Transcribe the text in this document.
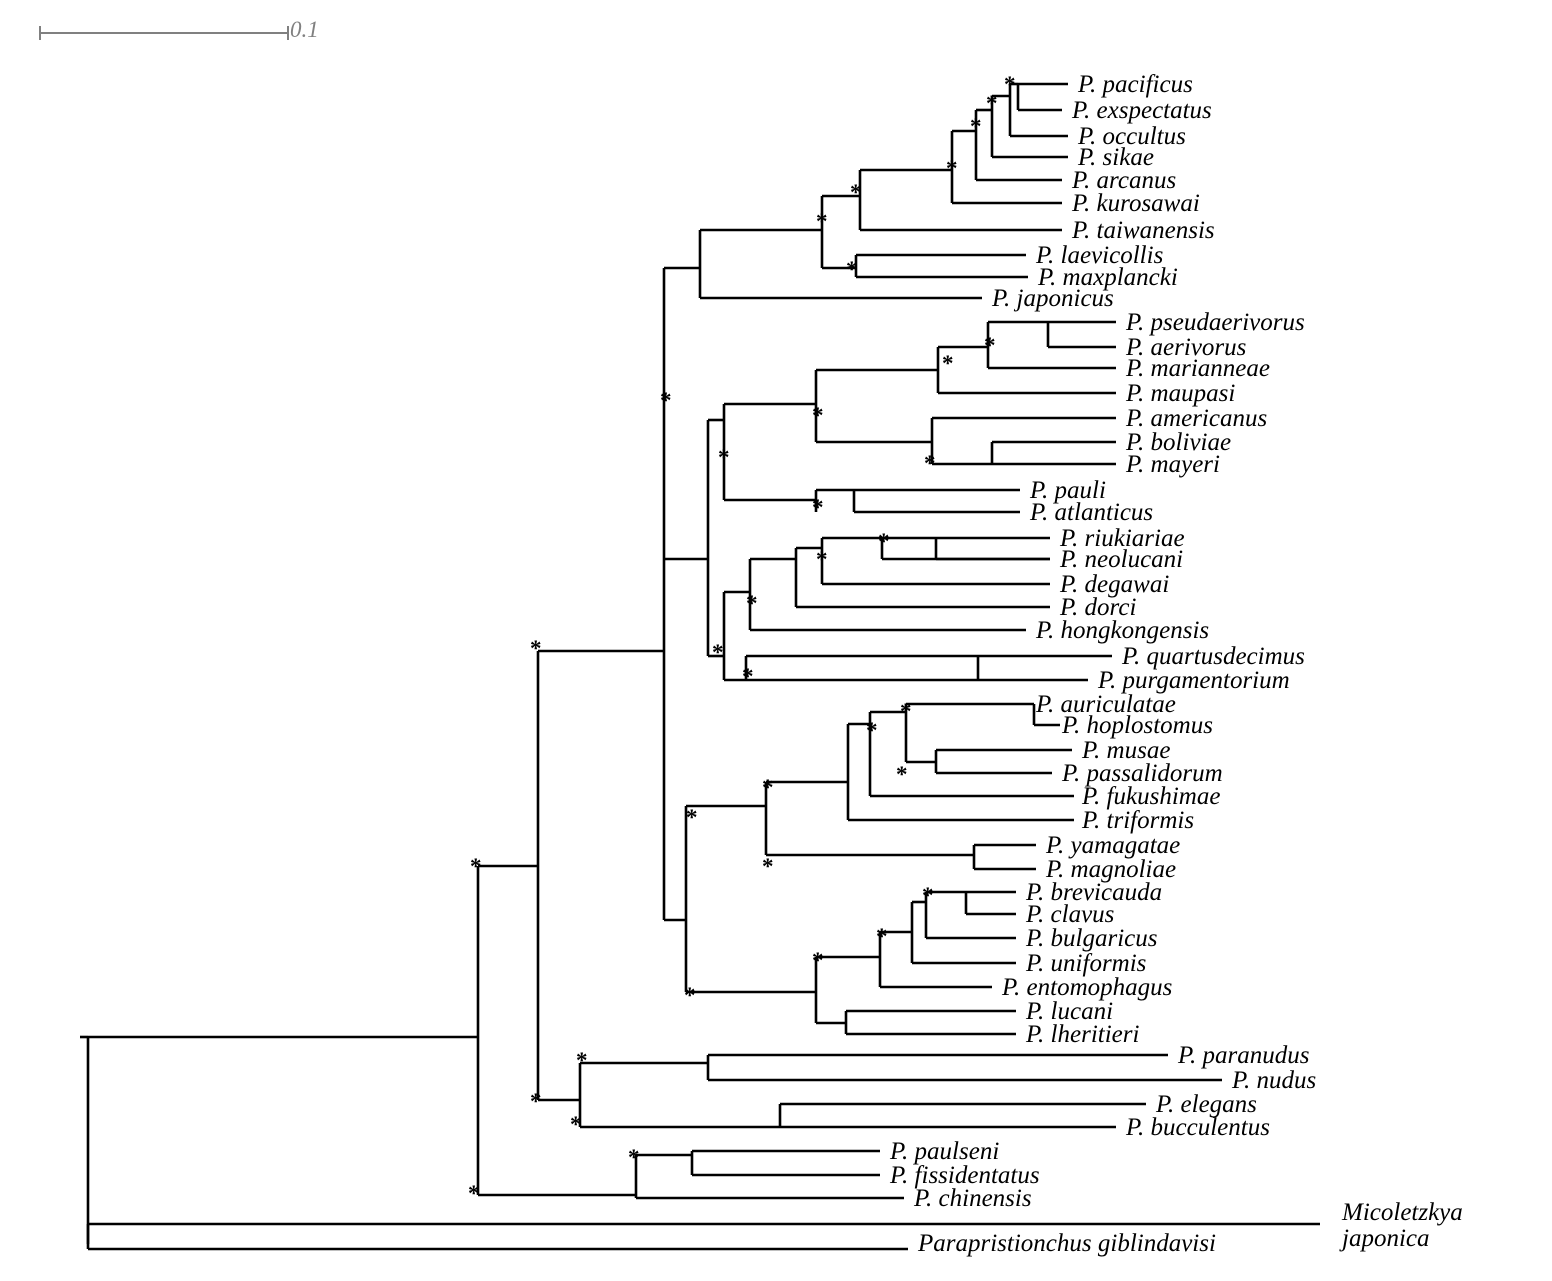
P. pacificus
P. exspectatus
P. occultus
P. sikae
P. arcanus
P. kurosawai
P. taiwanensis
P. laevicollis
P. maxplancki
P. japonicus
P. pseudaerivorus
P. aerivorus
P. marianneae
P. maupasi
P. americanus
P. boliviae
P. mayeri
P. pauli
P. atlanticus
P. riukiariae
P. neolucani
P. degawai
P. dorci
P. hongkongensis
P. quartusdecimus
P. purgamentorium
P. auriculatae
P. hoplostomus
P. musae
P. passalidorum
P. fukushimae
P. triformis
P. yamagatae
P. magnoliae
P. brevicauda
P. clavus
P. bulgaricus
P. uniformis
P. entomophagus
P. lucani
P. lheritieri
P. paranudus
P. nudus
P. elegans
P. bucculentus
P. paulseni
P. fissidentatus
P. chinensis
Micoletzkya japonica
Parapristionchus giblindavisi
*
*
*
*
*
*
*
*
*
*
*
*
*
*
*
*
*
*
*
*
*
*
*
*
*
*
*
*
*
*
*
*
*
*
*
*
0.1
